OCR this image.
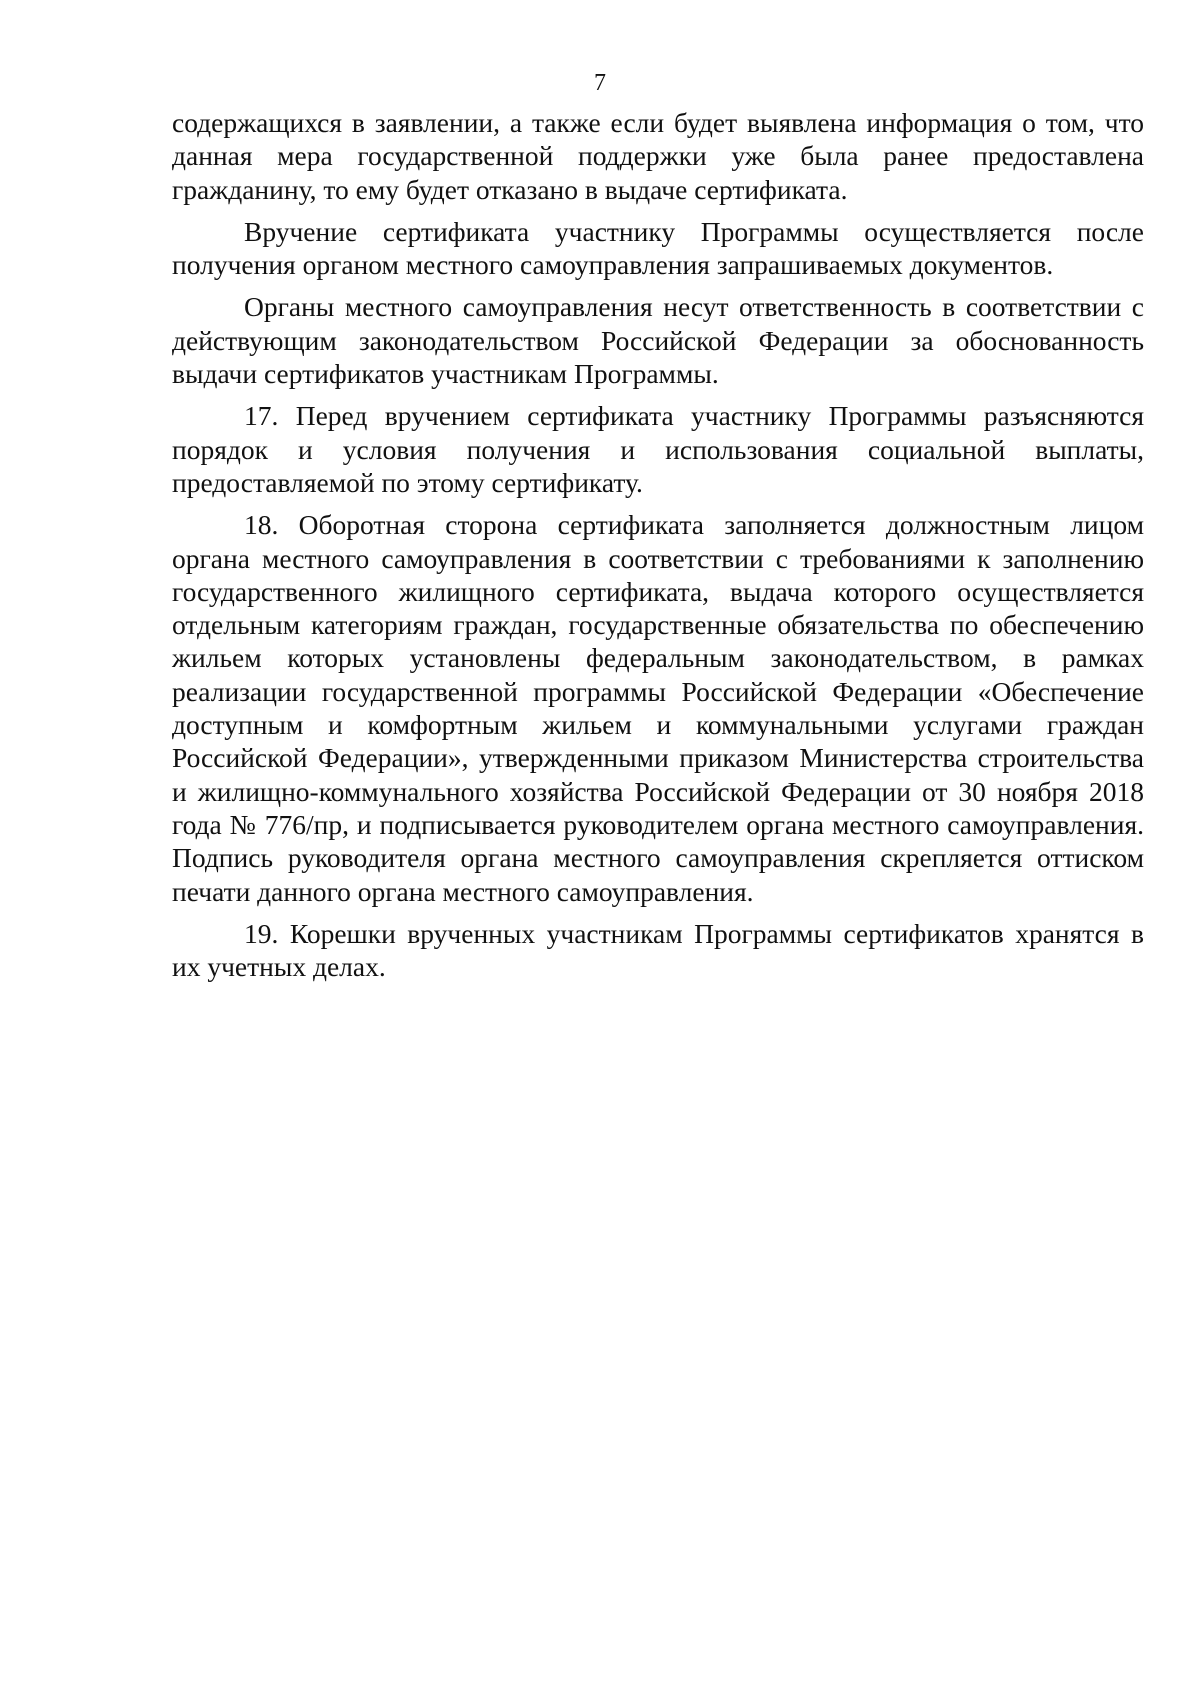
7

содержащихся в заявлении, а также если будет выявлена информация о том, что данная мера государственной поддержки уже была ранее предоставлена гражданину, то ему будет отказано в выдаче сертификата.

Вручение сертификата участнику Программы осуществляется после получения органом местного самоуправления запрашиваемых документов.

Органы местного самоуправления несут ответственность в соответствии с действующим законодательством Российской Федерации за обоснованность выдачи сертификатов участникам Программы.

17. Перед вручением сертификата участнику Программы разъясняются порядок и условия получения и использования социальной выплаты, предоставляемой по этому сертификату.

18. Оборотная сторона сертификата заполняется должностным лицом органа местного самоуправления в соответствии с требованиями к заполнению государственного жилищного сертификата, выдача которого осуществляется отдельным категориям граждан, государственные обязательства по обеспечению жильем которых установлены федеральным законодательством, в рамках реализации государственной программы Российской Федерации «Обеспечение доступным и комфортным жильем и коммунальными услугами граждан Российской Федерации», утвержденными приказом Министерства строительства и жилищно-коммунального хозяйства Российской Федерации от 30 ноября 2018 года № 776/пр, и подписывается руководителем органа местного самоуправления. Подпись руководителя органа местного самоуправления скрепляется оттиском печати данного органа местного самоуправления.

19. Корешки врученных участникам Программы сертификатов хранятся в их учетных делах.
